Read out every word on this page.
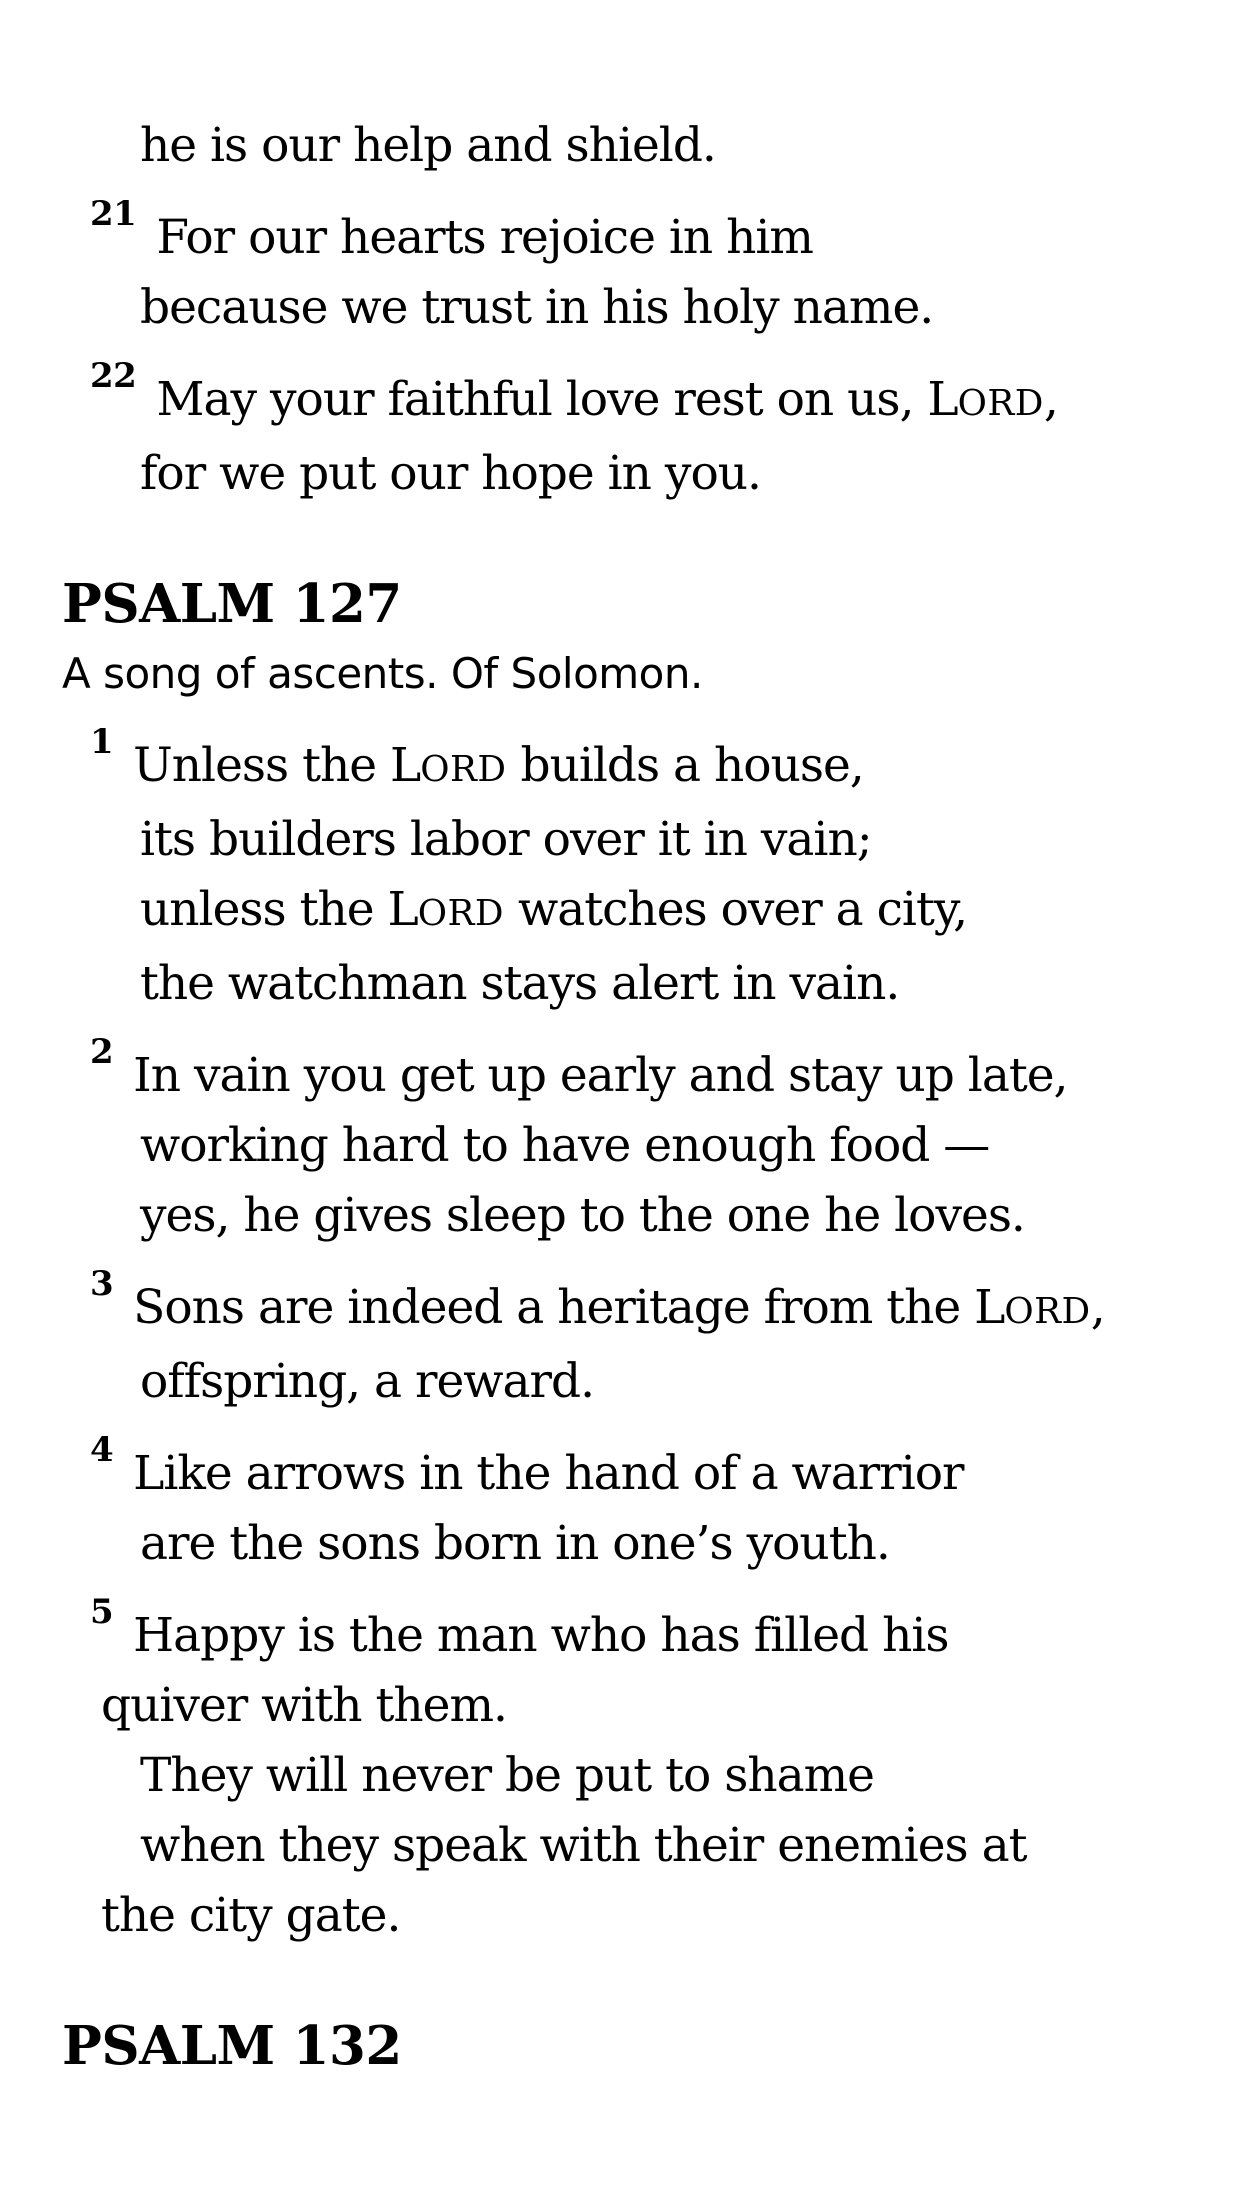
he is our help and shield.
$^{21}$ For our hearts rejoice in him
because we trust in his holy name.
$^{22}$ May your faithful love rest on us, LORD,
for we put our hope in you.
PSALM 127

A song of ascents. Of Solomon.

$^1$ Unless the LORD builds a house,
its builders labor over it in vain;
unless the LORD watches over a city,
the watchman stays alert in vain.
$^2$ In vain you get up early and stay up late,
working hard to have enough food —
yes, he gives sleep to the one he loves.
$^3$ Sons are indeed a heritage from the LORD,
offspring, a reward.
$^4$ Like arrows in the hand of a warrior
are the sons born in one’s youth.
$^5$ Happy is the man who has filled his
quiver with them.
They will never be put to shame
when they speak with their enemies at
the city gate.
PSALM 132
